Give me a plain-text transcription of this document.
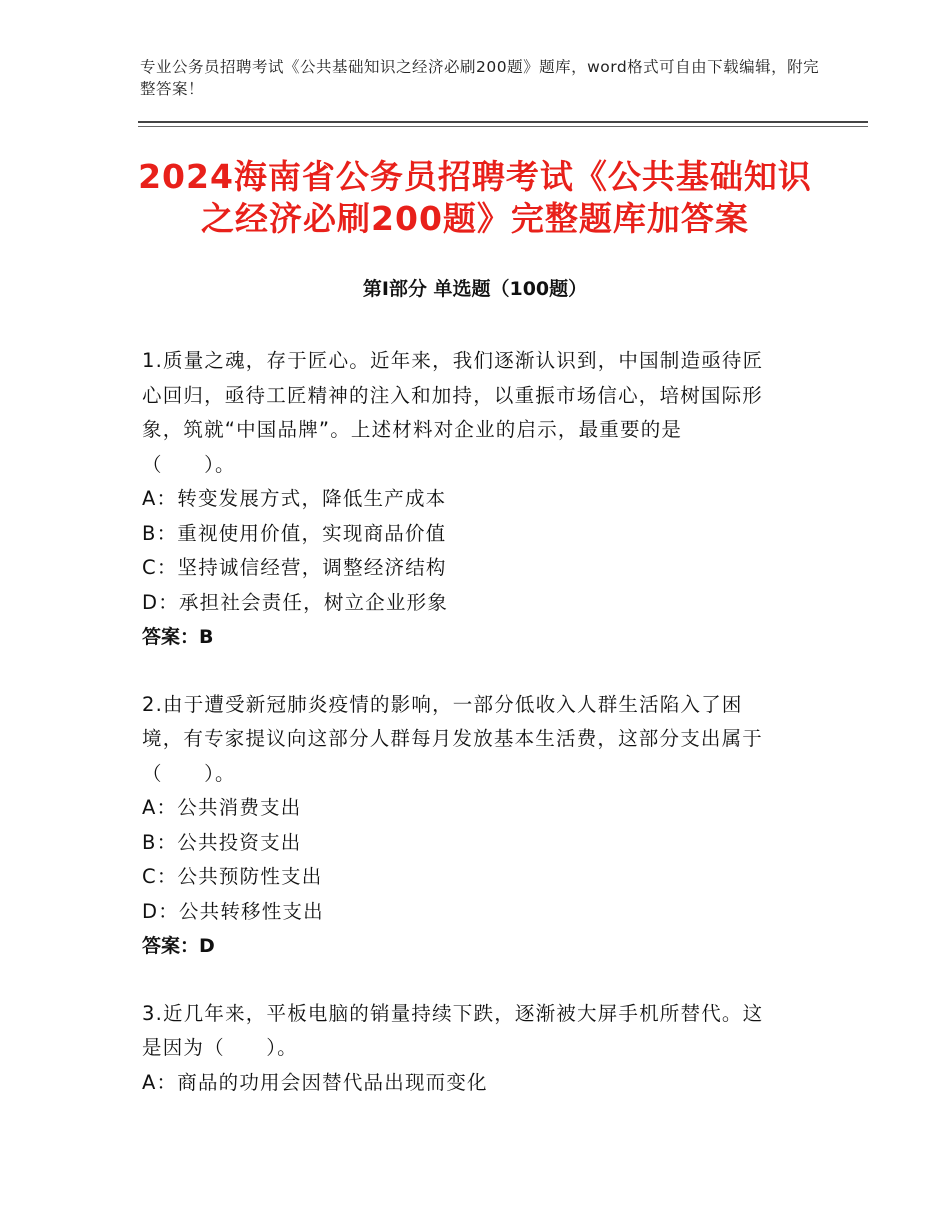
专业公务员招聘考试《公共基础知识之经济必刷200题》题库，word格式可自由下载编辑，附完整答案！
2024海南省公务员招聘考试《公共基础知识
之经济必刷200题》完整题库加答案
第Ⅰ部分 单选题（100题）
1.质量之魂，存于匠心。近年来，我们逐渐认识到，中国制造亟待匠
心回归，亟待工匠精神的注入和加持，以重振市场信心，培树国际形
象，筑就“中国品牌”。上述材料对企业的启示，最重要的是
（　　）。
A：转变发展方式，降低生产成本
B：重视使用价值，实现商品价值
C：坚持诚信经营，调整经济结构
D：承担社会责任，树立企业形象
答案：B
2.由于遭受新冠肺炎疫情的影响，一部分低收入人群生活陷入了困
境，有专家提议向这部分人群每月发放基本生活费，这部分支出属于
（　　）。
A：公共消费支出
B：公共投资支出
C：公共预防性支出
D：公共转移性支出
答案：D
3.近几年来，平板电脑的销量持续下跌，逐渐被大屏手机所替代。这
是因为（　　）。
A：商品的功用会因替代品出现而变化
